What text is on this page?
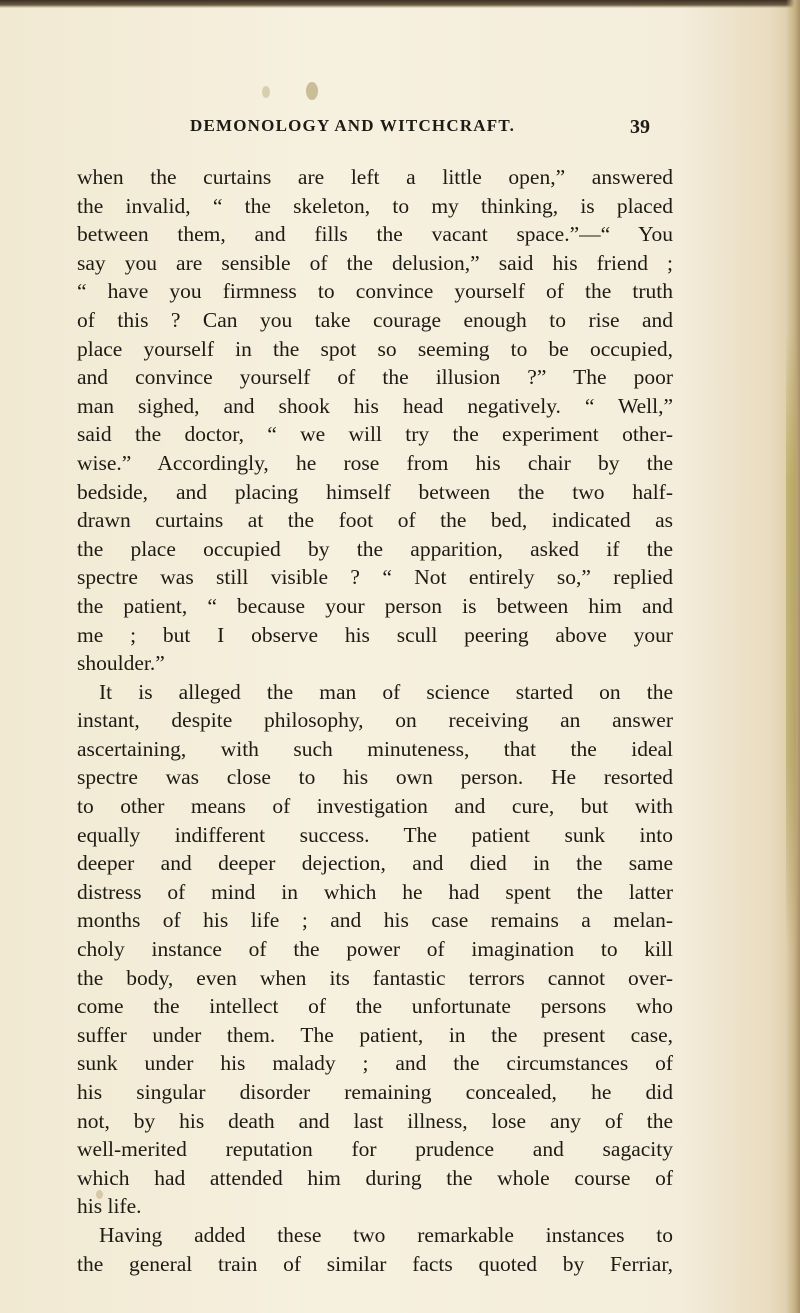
DEMONOLOGY AND WITCHCRAFT.	39
when the curtains are left a little open,” answered
the invalid, “ the skeleton, to my thinking, is placed
between them, and fills the vacant space.”—“ You
say you are sensible of the delusion,” said his friend ;
“ have you firmness to convince yourself of the truth
of this ? Can you take courage enough to rise and
place yourself in the spot so seeming to be occupied,
and convince yourself of the illusion ?” The poor
man sighed, and shook his head negatively. “ Well,”
said the doctor, “ we will try the experiment other-
wise.” Accordingly, he rose from his chair by the
bedside, and placing himself between the two half-
drawn curtains at the foot of the bed, indicated as
the place occupied by the apparition, asked if the
spectre was still visible ? “ Not entirely so,” replied
the patient, “ because your person is between him and
me ; but I observe his scull peering above your
shoulder.”
It is alleged the man of science started on the
instant, despite philosophy, on receiving an answer
ascertaining, with such minuteness, that the ideal
spectre was close to his own person. He resorted
to other means of investigation and cure, but with
equally indifferent success. The patient sunk into
deeper and deeper dejection, and died in the same
distress of mind in which he had spent the latter
months of his life ; and his case remains a melan-
choly instance of the power of imagination to kill
the body, even when its fantastic terrors cannot over-
come the intellect of the unfortunate persons who
suffer under them. The patient, in the present case,
sunk under his malady ; and the circumstances of
his singular disorder remaining concealed, he did
not, by his death and last illness, lose any of the
well-merited reputation for prudence and sagacity
which had attended him during the whole course of
his life.
Having added these two remarkable instances to
the general train of similar facts quoted by Ferriar,
